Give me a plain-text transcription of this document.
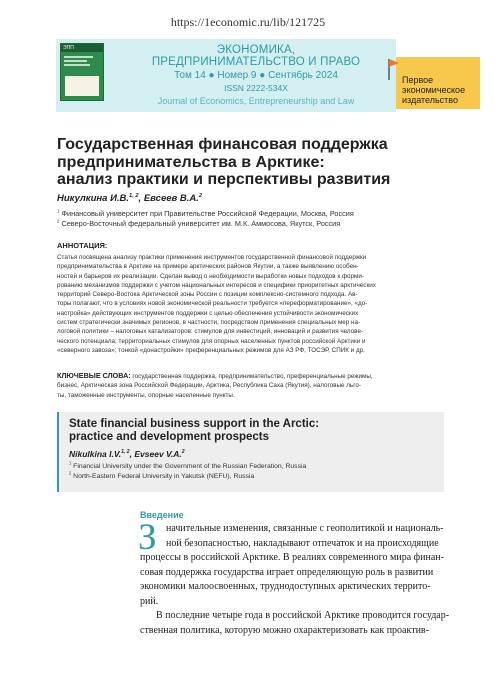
https://1economic.ru/lib/121725
ЭПП	ЭКОНОМИКА,
ПРЕДПРИНИМАТЕЛЬСТВО И ПРАВО
Том 14 ● Номер 9 ● Сентябрь 2024
ISSN 2222-534X
Journal of Economics, Entrepreneurship and Law
Первое
экономическое
издательство
Государственная финансовая поддержка
предпринимательства в Арктике:
анализ практики и перспективы развития
Никулкина И.В.$^{1, 2}$, Евсеев В.А.$^2$
$^1$ Финансовый университет при Правительстве Российской Федерации, Москва, Россия
$^2$ Северо-Восточный федеральный университет им. М.К. Аммосова, Якутск, Россия
АННОТАЦИЯ:
Статья посвящена анализу практики применения инструментов государственной финансовой поддержки
предпринимательства в Арктике на примере арктических районов Якутии, а также выявлению особен-
ностей и барьеров их реализации. Сделан вывод о необходимости выработки новых подходов к форми-
рованию механизмов поддержки с учетом национальных интересов и специфики приоритетных арктических
территорий Северо-Востока Арктической зоны России с позиции комплексно-системного подхода. Ав-
торы полагают, что в условиях новой экономической реальности требуется «переформатирование», «до-
настройка» действующих инструментов поддержки с целью обеспечения устойчивости экономических
систем стратегически значимых регионов, в частности, посредством применения специальных мер на-
логовой политики – налоговых катализаторов: стимулов для инвестиций, инноваций и развития челове-
ческого потенциала; территориальных стимулов для опорных населенных пунктов российской Арктики и
«северного завоза»; тонкой «донастройки» преференциальных режимов для АЗ РФ, ТОСЭР, СПИК и др.
КЛЮЧЕВЫЕ СЛОВА: государственная поддержка, предпринимательство, преференциальные режимы,
бизнес, Арктическая зона Российской Федерации, Арктика, Республика Саха (Якутия), налоговые льго-
ты, таможенные инструменты, опорные населенные пункты.
State financial business support in the Arctic:
practice and development prospects
Nikulkina I.V.$^{1, 2}$, Evseev V.A.$^2$
$^1$ Financial University under the Government of the Russian Federation, Russia
$^2$ North-Eastern Federal University in Yakutsk (NEFU), Russia
Введение
З начительные изменения, связанные с геополитикой и националь-
ной безопасностью, накладывают отпечаток и на происходящие
процессы в российской Арктике. В реалиях современного мира финан-
совая поддержка государства играет определяющую роль в развитии
экономики малоосвоенных, труднодоступных арктических террито-
рий.
В последние четыре года в российской Арктике проводится государ-
ственная политика, которую можно охарактеризовать как проактив-
